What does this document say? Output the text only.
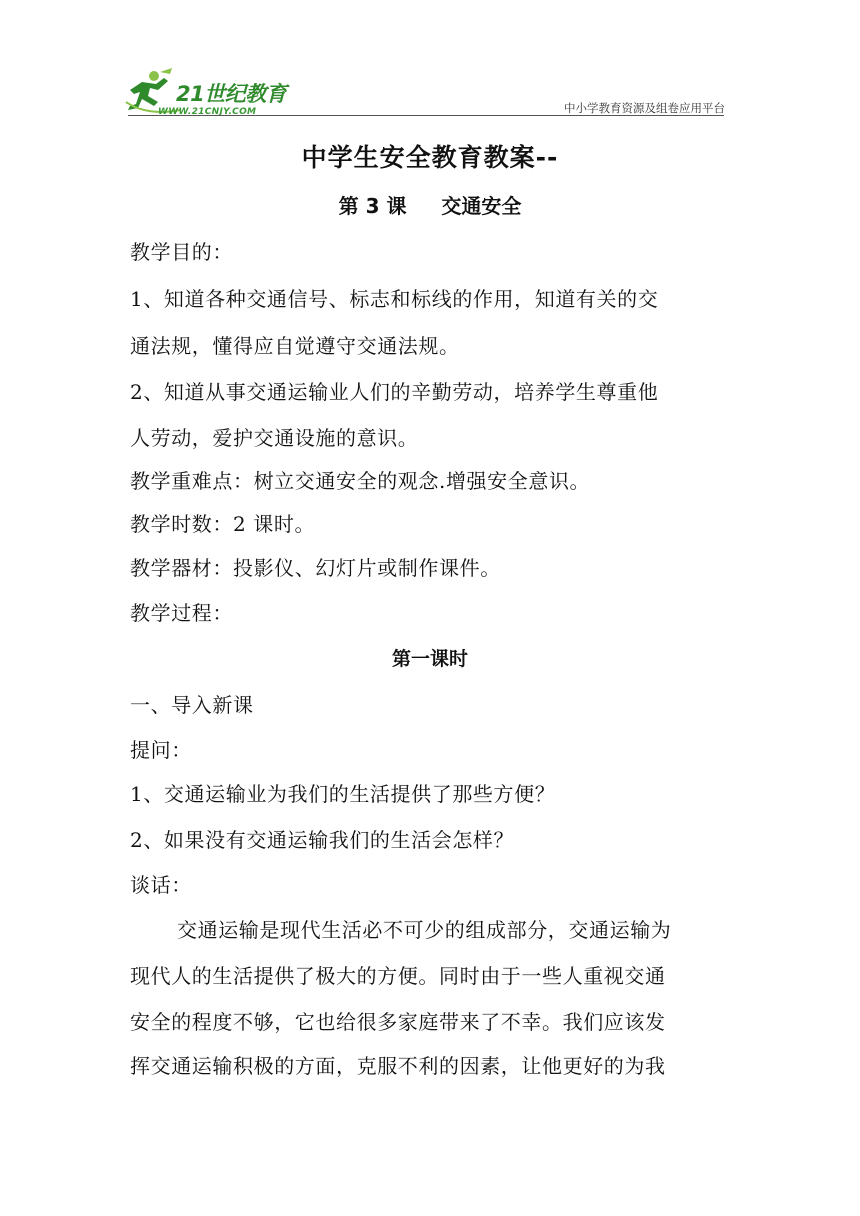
21世纪教育
WWW.21CNJY.COM	中小学教育资源及组卷应用平台
中学生安全教育教案--
第 3 课     交通安全
教学目的：
1、知道各种交通信号、标志和标线的作用，知道有关的交
通法规，懂得应自觉遵守交通法规。
2、知道从事交通运输业人们的辛勤劳动，培养学生尊重他
人劳动，爱护交通设施的意识。
教学重难点：树立交通安全的观念.增强安全意识。
教学时数：2 课时。
教学器材：投影仪、幻灯片或制作课件。
教学过程：
第一课时
一、导入新课
提问：
1、交通运输业为我们的生活提供了那些方便？
2、如果没有交通运输我们的生活会怎样？
谈话：
交通运输是现代生活必不可少的组成部分，交通运输为
现代人的生活提供了极大的方便。同时由于一些人重视交通
安全的程度不够，它也给很多家庭带来了不幸。我们应该发
挥交通运输积极的方面，克服不利的因素，让他更好的为我
